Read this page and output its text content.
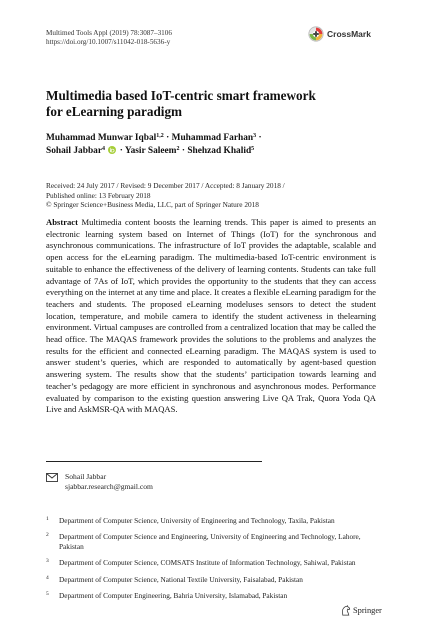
Multimed Tools Appl (2019) 78:3087–3106
https://doi.org/10.1007/s11042-018-5636-y
CrossMark
Multimedia based IoT-centric smart framework
for eLearning paradigm
Muhammad Munwar Iqbal$^{1,2}$ · Muhammad Farhan$^3$ ·
Sohail Jabbar$^4$ · Yasir Saleem$^2$ · Shehzad Khalid$^5$
Received: 24 July 2017 / Revised: 9 December 2017 / Accepted: 8 January 2018 /
Published online: 13 February 2018
© Springer Science+Business Media, LLC, part of Springer Nature 2018
Abstract Multimedia content boosts the learning trends. This paper is aimed to presents an electronic learning system based on Internet of Things (IoT) for the synchronous and asynchronous communications. The infrastructure of IoT provides the adaptable, scalable and open access for the eLearning paradigm. The multimedia-based IoT-centric environment is suitable to enhance the effectiveness of the delivery of learning contents. Students can take full advantage of 7As of IoT, which provides the opportunity to the students that they can access everything on the internet at any time and place. It creates a flexible eLearning paradigm for the teachers and students. The proposed eLearning modeluses sensors to detect the student location, temperature, and mobile camera to identify the student activeness in thelearning environment. Virtual campuses are controlled from a centralized location that may be called the head office. The MAQAS framework provides the solutions to the problems and analyzes the results for the efficient and connected eLearning paradigm. The MAQAS system is used to answer student’s queries, which are responded to automatically by agent-based question answering system. The results show that the students’ participation towards learning and teacher’s pedagogy are more efficient in synchronous and asynchronous modes. Performance evaluated by comparison to the existing question answering Live QA Trak, Quora Yoda QA Live and AskMSR-QA with MAQAS.
Sohail Jabbar
sjabbar.research@gmail.com
1	Department of Computer Science, University of Engineering and Technology, Taxila, Pakistan
2	Department of Computer Science and Engineering, University of Engineering and Technology, Lahore, Pakistan
3	Department of Computer Science, COMSATS Institute of Information Technology, Sahiwal, Pakistan
4	Department of Computer Science, National Textile University, Faisalabad, Pakistan
5	Department of Computer Engineering, Bahria University, Islamabad, Pakistan
Springer
